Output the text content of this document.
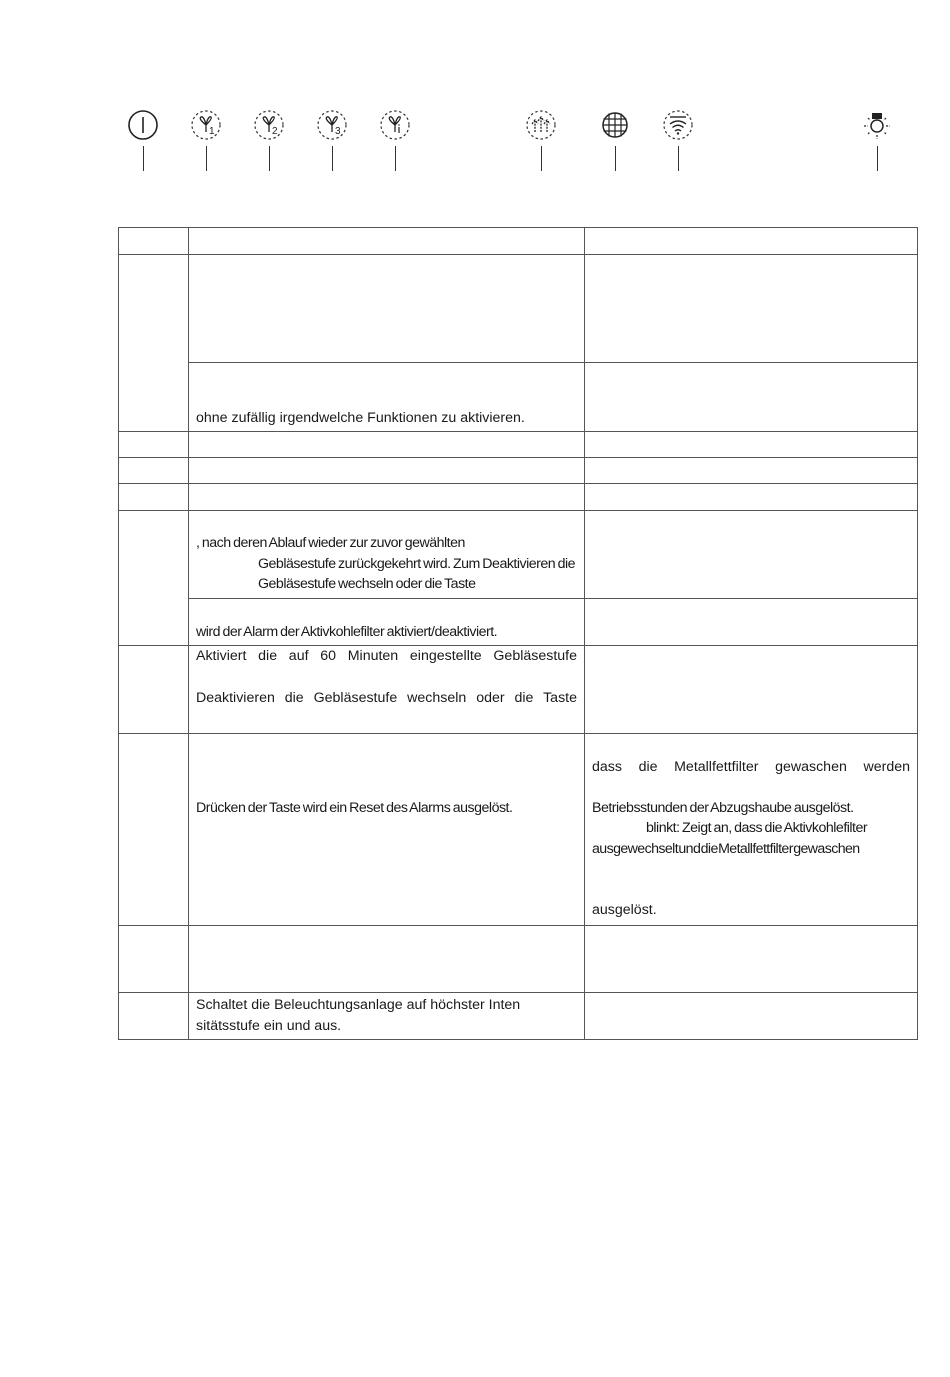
1	2	3

	ohne zufällig irgendwelche Funktionen zu aktivieren.	

	, nach deren Ablauf wieder zur zuvor gewählten
Gebläsestufe zurückgekehrt wird. Zum Deaktivieren die
Gebläsestufe wechseln oder die Taste	

	wird der Alarm der Aktivkohlefilter aktiviert/deaktiviert.	

	Aktiviert die auf 60 Minuten eingestellte Gebläsestufe
Deaktivieren die Gebläsestufe wechseln oder die Taste	

	Drücken der Taste wird ein Reset des Alarms ausgelöst.	dass die Metallfettfilter gewaschen werden
Betriebsstunden der Abzugshaube ausgelöst.
blinkt: Zeigt an, dass die Aktivkohlefilter
ausgewechselt und die Metallfettfilter gewaschen
ausgelöst.

	Schaltet die Beleuchtungsanlage auf höchster Inten
sitätsstufe ein und aus.	
